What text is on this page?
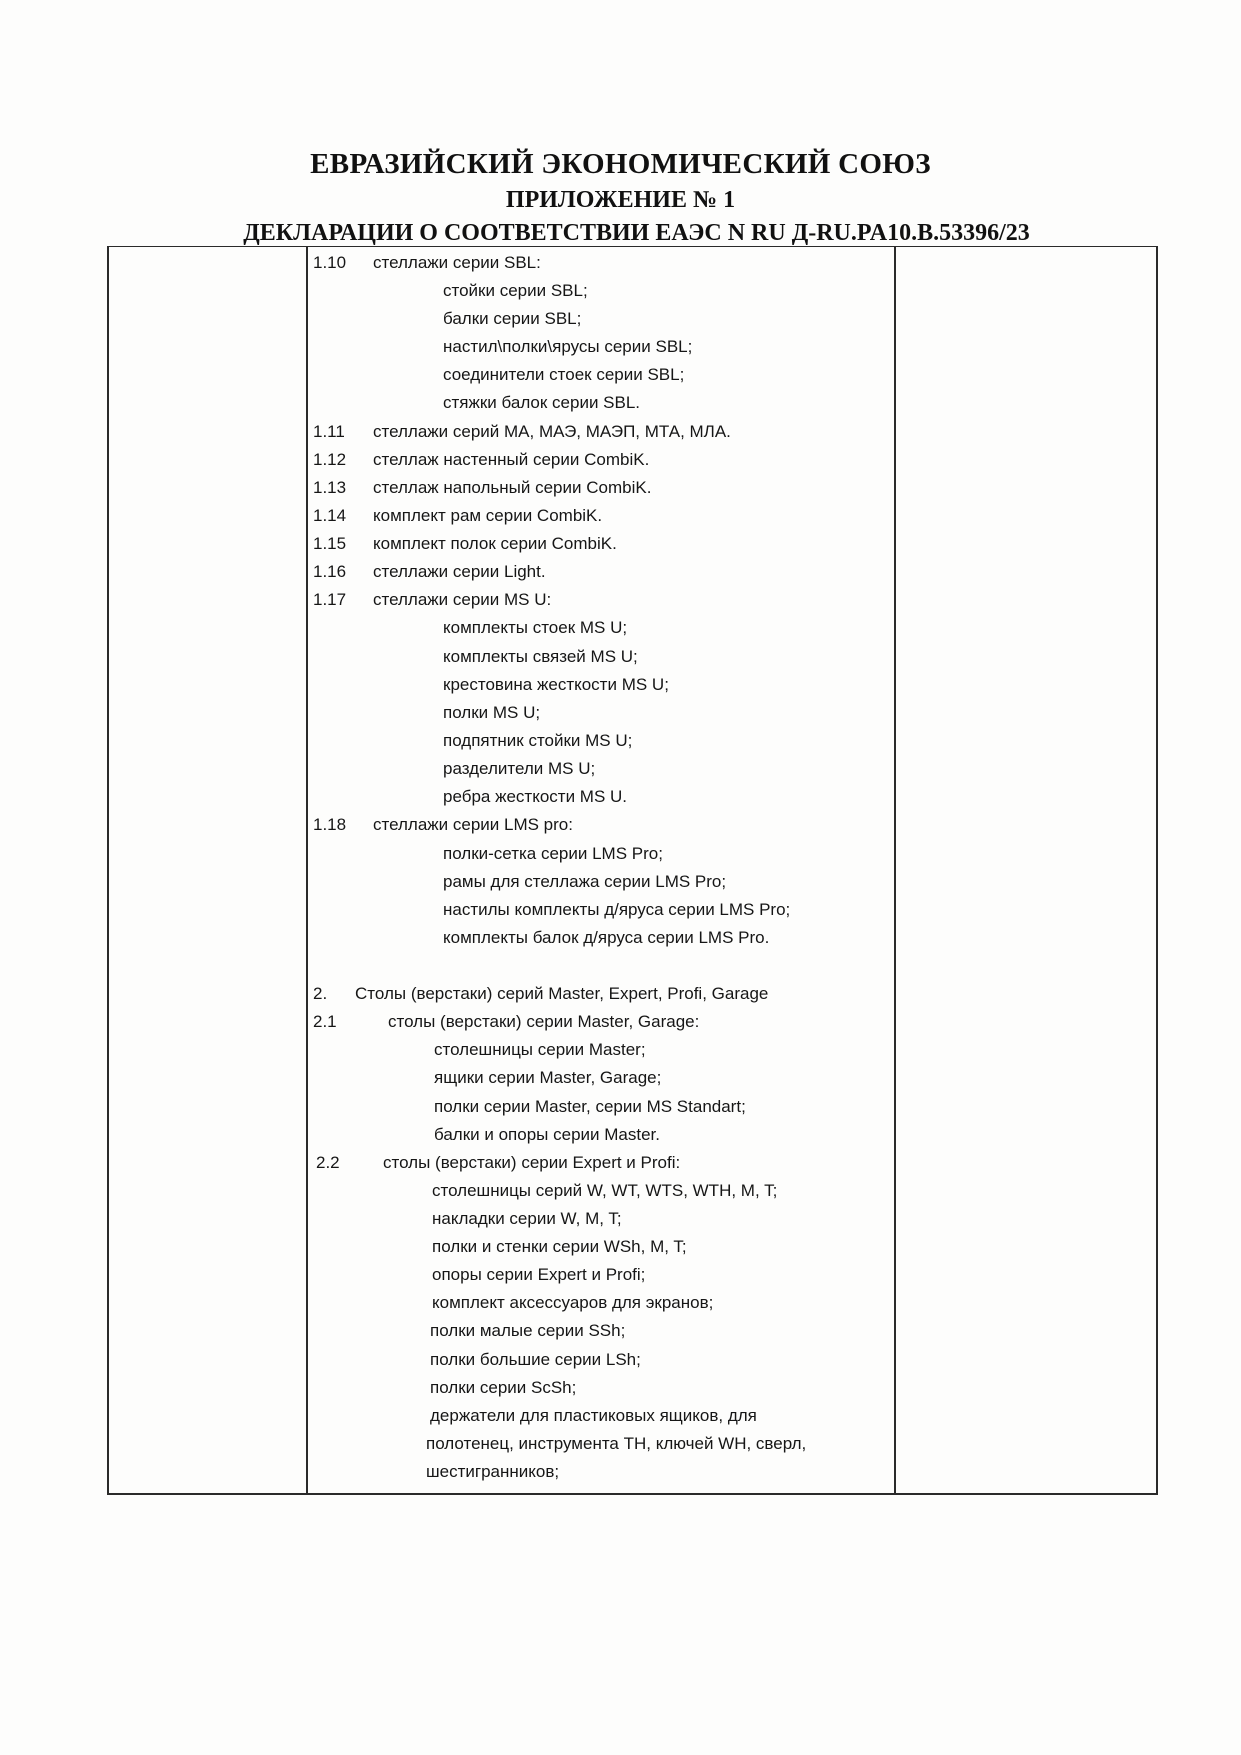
ЕВРАЗИЙСКИЙ ЭКОНОМИЧЕСКИЙ СОЮЗ
ПРИЛОЖЕНИЕ № 1
ДЕКЛАРАЦИИ О СООТВЕТСТВИИ ЕАЭС N RU Д-RU.PA10.B.53396/23
1.10 стеллажи серии SBL:
стойки серии SBL;
балки серии SBL;
настил\полки\ярусы серии SBL;
соединители стоек серии SBL;
стяжки балок серии SBL.
1.11 стеллажи серий МА, МАЭ, МАЭП, МТА, МЛА.
1.12 стеллаж настенный серии CombiK.
1.13 стеллаж напольный серии CombiK.
1.14 комплект рам серии CombiK.
1.15 комплект полок серии CombiK.
1.16 стеллажи серии Light.
1.17 стеллажи серии MS U:
комплекты стоек MS U;
комплекты связей MS U;
крестовина жесткости MS U;
полки MS U;
подпятник стойки MS U;
разделители MS U;
ребра жесткости MS U.
1.18 стеллажи серии LMS pro:
полки-сетка серии LMS Pro;
рамы для стеллажа серии LMS Pro;
настилы комплекты д/яруса серии LMS Pro;
комплекты балок д/яруса серии LMS Pro.
2. Столы (верстаки) серий Master, Expert, Profi, Garage
2.1	столы (верстаки) серии Master, Garage:
столешницы серии Master;
ящики серии Master, Garage;
полки серии Master, серии MS Standart;
балки и опоры серии Master.
2.2	столы (верстаки) серии Expert и Profi:
столешницы серий W, WT, WTS, WTH, M, T;
накладки серии W, M, T;
полки и стенки серии WSh, M, T;
опоры серии Expert и Profi;
комплект аксессуаров для экранов;
полки малые серии SSh;
полки большие серии LSh;
полки серии ScSh;
держатели для пластиковых ящиков, для
полотенец, инструмента TH, ключей WH, сверл,
шестигранников;
